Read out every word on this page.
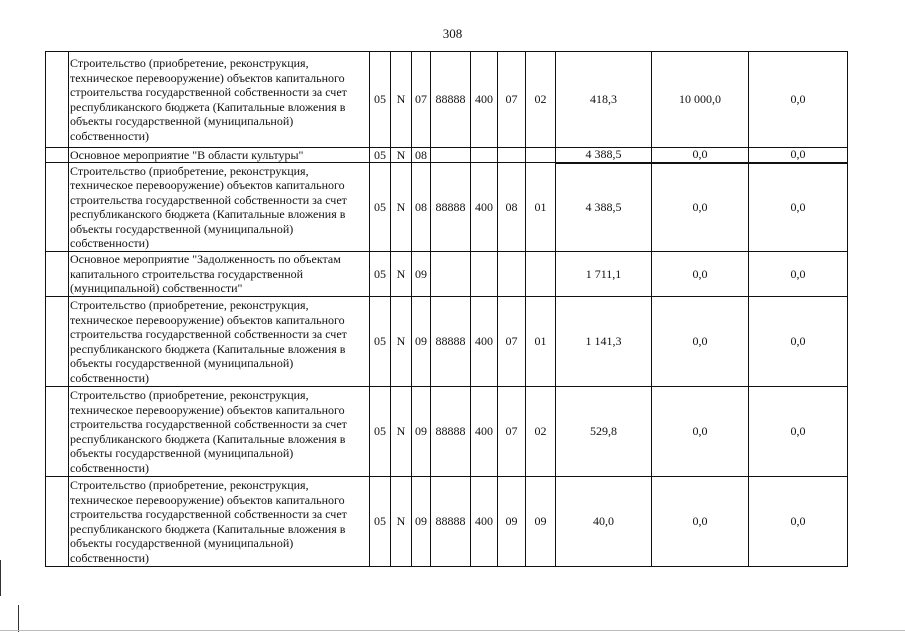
308
	Строительство (приобретение, реконструкция, техническое перевооружение) объектов капитального строительства государственной собственности за счет республиканского бюджета (Капитальные вложения в объекты государственной (муниципальной) собственности)	05	N	07	88888	400	07	02	418,3	10 000,0	0,0
	Основное мероприятие "В области культуры"	05	N	08					4 388,5	0,0	0,0
	Строительство (приобретение, реконструкция, техническое перевооружение) объектов капитального строительства государственной собственности за счет республиканского бюджета (Капитальные вложения в объекты государственной (муниципальной) собственности)	05	N	08	88888	400	08	01	4 388,5	0,0	0,0
	Основное мероприятие "Задолженность по объектам капитального строительства государственной (муниципальной) собственности"	05	N	09					1 711,1	0,0	0,0
	Строительство (приобретение, реконструкция, техническое перевооружение) объектов капитального строительства государственной собственности за счет республиканского бюджета (Капитальные вложения в объекты государственной (муниципальной) собственности)	05	N	09	88888	400	07	01	1 141,3	0,0	0,0
	Строительство (приобретение, реконструкция, техническое перевооружение) объектов капитального строительства государственной собственности за счет республиканского бюджета (Капитальные вложения в объекты государственной (муниципальной) собственности)	05	N	09	88888	400	07	02	529,8	0,0	0,0
	Строительство (приобретение, реконструкция, техническое перевооружение) объектов капитального строительства государственной собственности за счет республиканского бюджета (Капитальные вложения в объекты государственной (муниципальной) собственности)	05	N	09	88888	400	09	09	40,0	0,0	0,0
